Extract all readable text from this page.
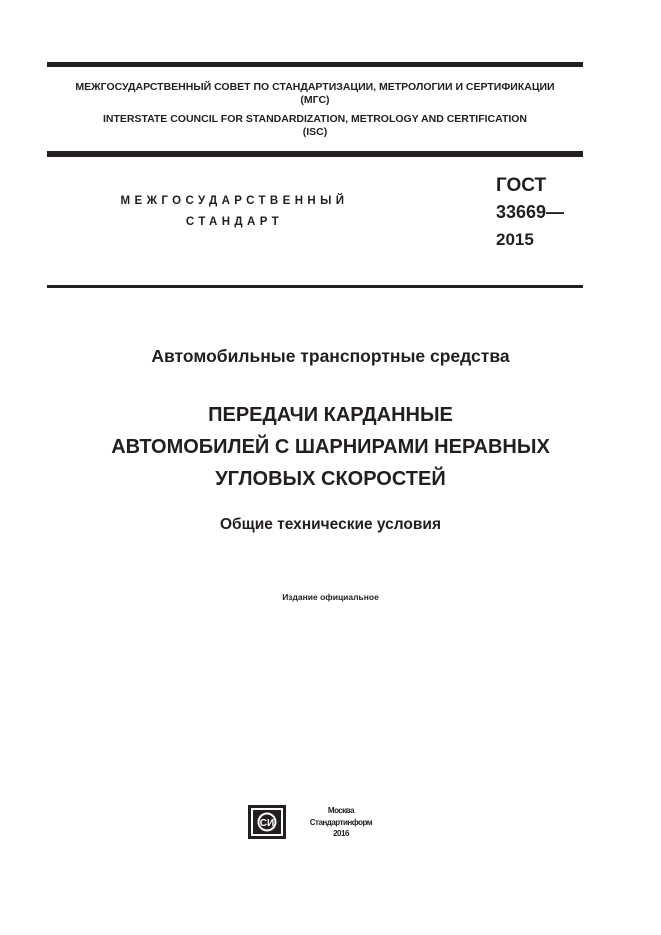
МЕЖГОСУДАРСТВЕННЫЙ СОВЕТ ПО СТАНДАРТИЗАЦИИ, МЕТРОЛОГИИ И СЕРТИФИКАЦИИ
(МГС)
INTERSTATE COUNCIL FOR STANDARDIZATION, METROLOGY AND CERTIFICATION
(ISC)
МЕЖГОСУДАРСТВЕННЫЙ
СТАНДАРТ
ГОСТ
33669—
2015
Автомобильные транспортные средства
ПЕРЕДАЧИ КАРДАННЫЕ
АВТОМОБИЛЕЙ С ШАРНИРАМИ НЕРАВНЫХ
УГЛОВЫХ СКОРОСТЕЙ
Общие технические условия
Издание официальное
СИ
Москва
Стандартинформ
2016
